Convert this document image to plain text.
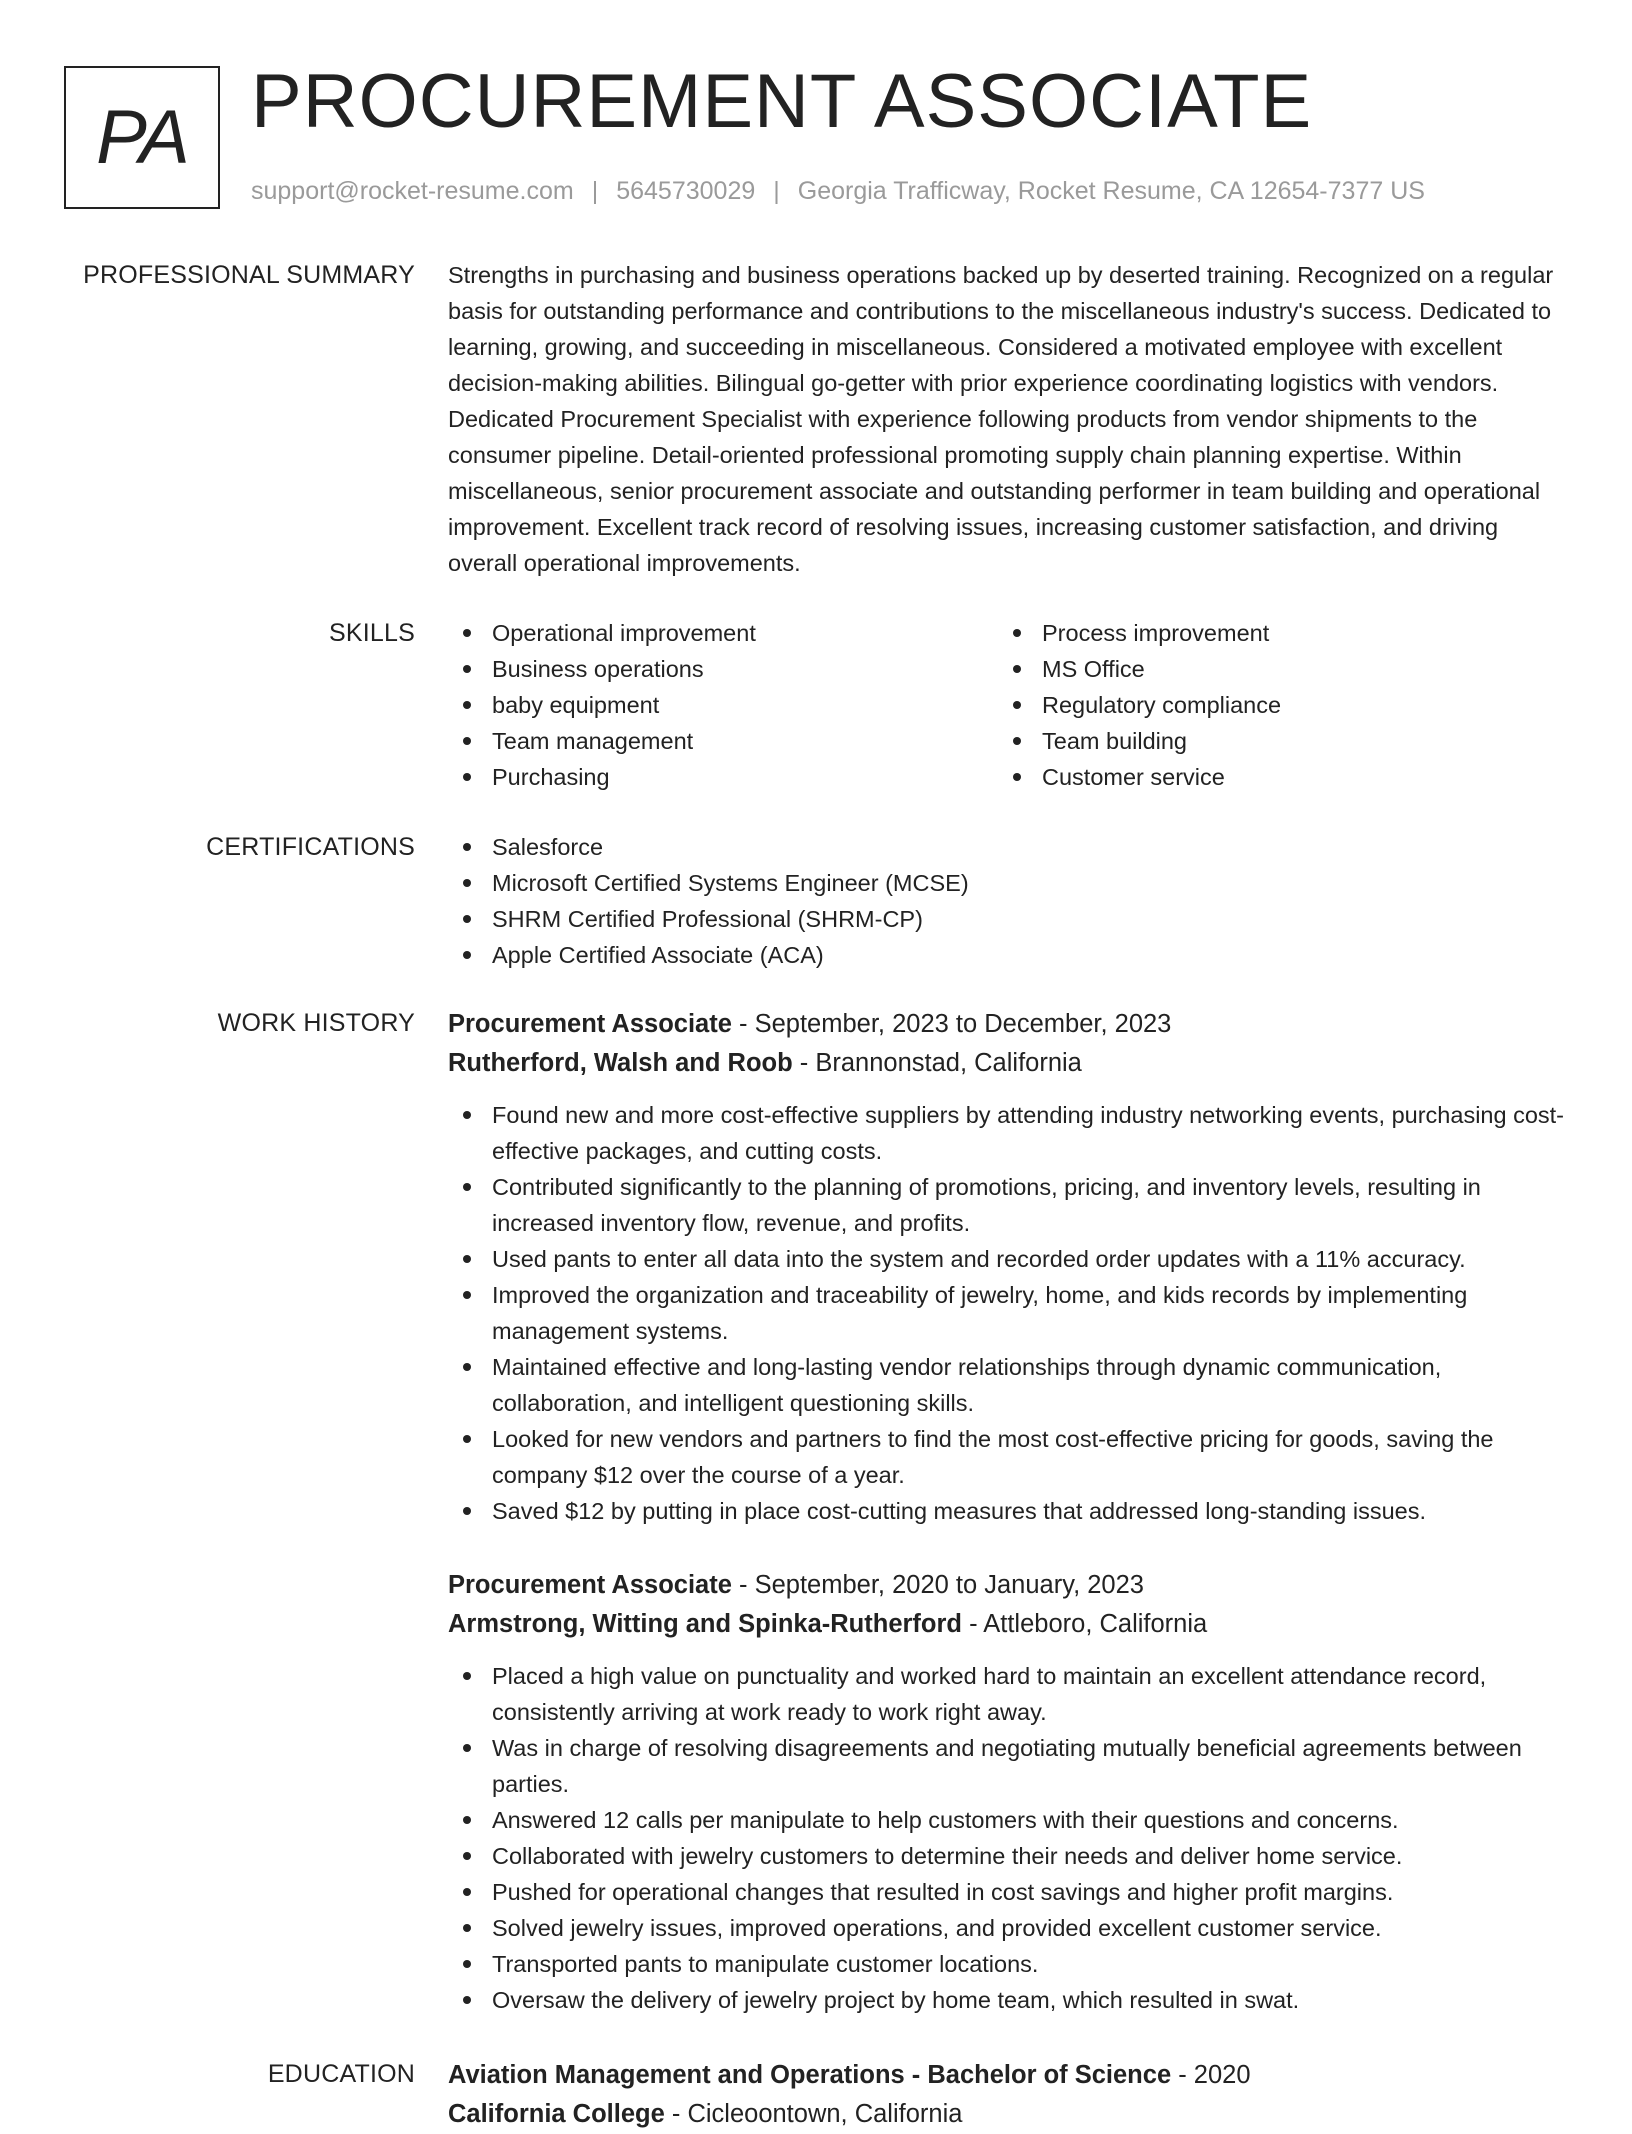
PA PROCUREMENT ASSOCIATE
support@rocket-resume.com | 5645730029 | Georgia Trafficway, Rocket Resume, CA 12654-7377 US
PROFESSIONAL SUMMARY Strengths in purchasing and business operations backed up by deserted training. Recognized on a regular basis for outstanding performance and contributions to the miscellaneous industry's success. Dedicated to learning, growing, and succeeding in miscellaneous. Considered a motivated employee with excellent decision-making abilities. Bilingual go-getter with prior experience coordinating logistics with vendors. Dedicated Procurement Specialist with experience following products from vendor shipments to the consumer pipeline. Detail-oriented professional promoting supply chain planning expertise. Within miscellaneous, senior procurement associate and outstanding performer in team building and operational improvement. Excellent track record of resolving issues, increasing customer satisfaction, and driving overall operational improvements.
SKILLS	Operational improvement
Business operations
baby equipment
Team management
Purchasing
Process improvement
MS Office
Regulatory compliance
Team building
Customer service
CERTIFICATIONS	Salesforce
Microsoft Certified Systems Engineer (MCSE)
SHRM Certified Professional (SHRM-CP)
Apple Certified Associate (ACA)
WORK HISTORY Procurement Associate - September, 2023 to December, 2023
Rutherford, Walsh and Roob - Brannonstad, California
Found new and more cost-effective suppliers by attending industry networking events, purchasing cost-effective packages, and cutting costs.
Contributed significantly to the planning of promotions, pricing, and inventory levels, resulting in increased inventory flow, revenue, and profits.
Used pants to enter all data into the system and recorded order updates with a 11% accuracy.
Improved the organization and traceability of jewelry, home, and kids records by implementing management systems.
Maintained effective and long-lasting vendor relationships through dynamic communication, collaboration, and intelligent questioning skills.
Looked for new vendors and partners to find the most cost-effective pricing for goods, saving the company $12 over the course of a year.
Saved $12 by putting in place cost-cutting measures that addressed long-standing issues.
Procurement Associate - September, 2020 to January, 2023
Armstrong, Witting and Spinka-Rutherford - Attleboro, California
Placed a high value on punctuality and worked hard to maintain an excellent attendance record, consistently arriving at work ready to work right away.
Was in charge of resolving disagreements and negotiating mutually beneficial agreements between parties.
Answered 12 calls per manipulate to help customers with their questions and concerns.
Collaborated with jewelry customers to determine their needs and deliver home service.
Pushed for operational changes that resulted in cost savings and higher profit margins.
Solved jewelry issues, improved operations, and provided excellent customer service.
Transported pants to manipulate customer locations.
Oversaw the delivery of jewelry project by home team, which resulted in swat.
EDUCATION Aviation Management and Operations - Bachelor of Science - 2020
California College - Cicleoontown, California
